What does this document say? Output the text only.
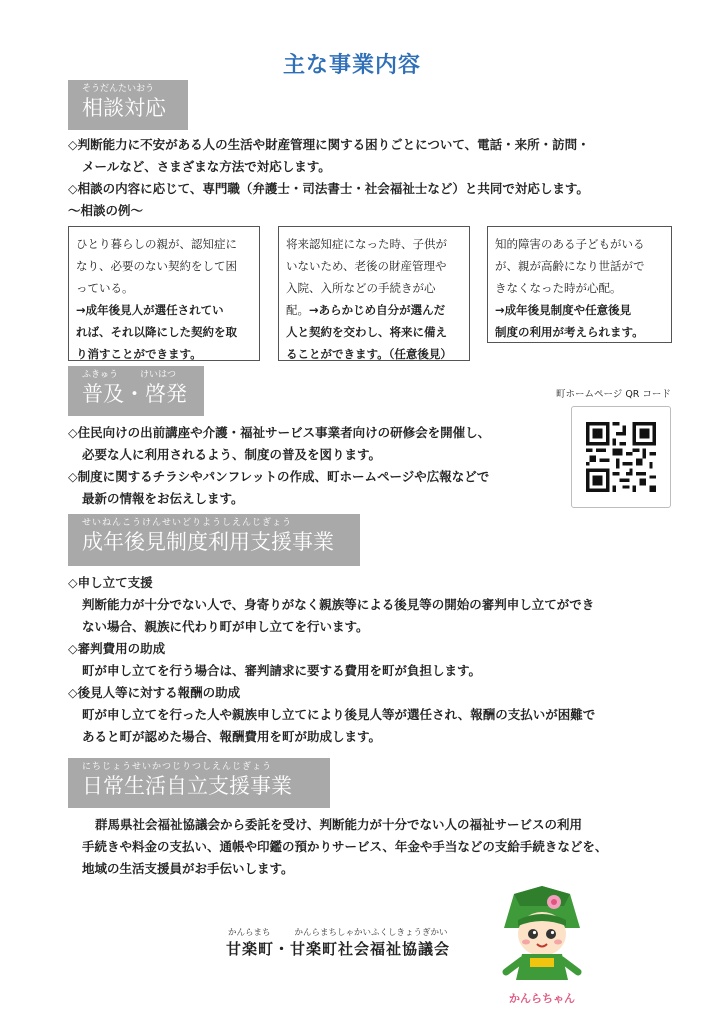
主な事業内容
そうだんたいおう
相談対応
◇判断能力に不安がある人の生活や財産管理に関する困りごとについて、電話・来所・訪問・
メールなど、さまざまな方法で対応します。
◇相談の内容に応じて、専門職（弁護士・司法書士・社会福祉士など）と共同で対応します。
～相談の例～
ひとり暮らしの親が、認知症に
なり、必要のない契約をして困
っている。
→成年後見人が選任されてい
れば、それ以降にした契約を取
り消すことができます。
将来認知症になった時、子供が
いないため、老後の財産管理や
入院、入所などの手続きが心
配。→あらかじめ自分が選んだ
人と契約を交わし、将来に備え
ることができます。（任意後見）
知的障害のある子どもがいる
が、親が高齢になり世話がで
きなくなった時が心配。
→成年後見制度や任意後見
制度の利用が考えられます。
ふきゅう けいはつ
普及・啓発
◇住民向けの出前講座や介護・福祉サービス事業者向けの研修会を開催し、
必要な人に利用されるよう、制度の普及を図ります。
◇制度に関するチラシやパンフレットの作成、町ホームページや広報などで
最新の情報をお伝えします。
町ホームページ QR コード
せいねんこうけんせいどりようしえんじぎょう
成年後見制度利用支援事業
◇申し立て支援
判断能力が十分でない人で、身寄りがなく親族等による後見等の開始の審判申し立てができ
ない場合、親族に代わり町が申し立てを行います。
◇審判費用の助成
町が申し立てを行う場合は、審判請求に要する費用を町が負担します。
◇後見人等に対する報酬の助成
町が申し立てを行った人や親族申し立てにより後見人等が選任され、報酬の支払いが困難で
あると町が認めた場合、報酬費用を町が助成します。
にちじょうせいかつじりつしえんじぎょう
日常生活自立支援事業
群馬県社会福祉協議会から委託を受け、判断能力が十分でない人の福祉サービスの利用
手続きや料金の支払い、通帳や印鑑の預かりサービス、年金や手当などの支給手続きなどを、
地域の生活支援員がお手伝いします。
かんらまち	かんらまちしゃかいふくしきょうぎかい
甘楽町・甘楽町社会福祉協議会
かんらちゃん
